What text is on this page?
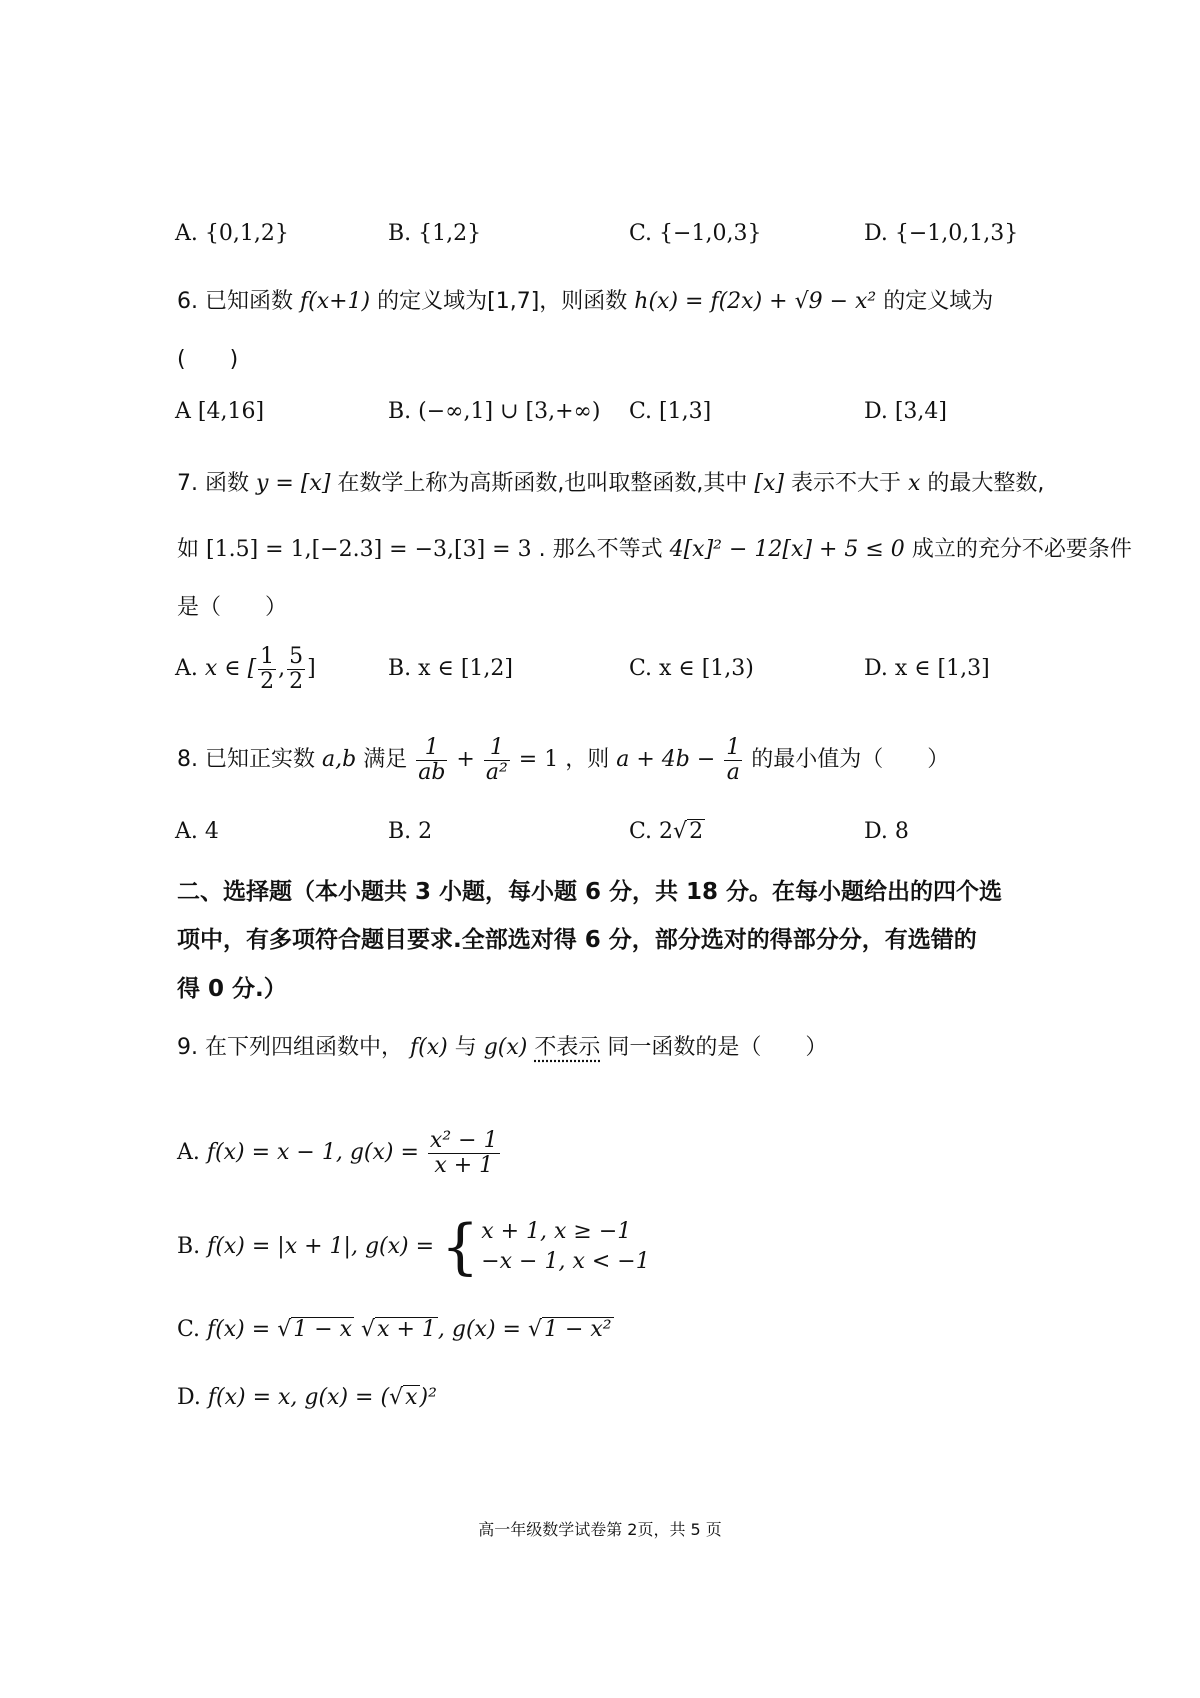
A. {0,1,2}	B. {1,2}	C. {−1,0,3}	D. {−1,0,1,3}
6. 已知函数 f(x+1) 的定义域为[1,7]，则函数 h(x) = f(2x) + √9 − x² 的定义域为
(　　)
A [4,16]	B. (−∞,1] ∪ [3,+∞) C. [1,3]	D. [3,4]
7. 函数 y = [x] 在数学上称为高斯函数,也叫取整函数,其中 [x] 表示不大于 x 的最大整数,
如 [1.5] = 1,[−2.3] = −3,[3] = 3 . 那么不等式 4[x]² − 12[x] + 5 ≤ 0 成立的充分不必要条件
是（　　）
A. x ∈ [ $\frac{1}{2}$ , $\frac{5}{2}$ ]	B. x ∈ [1,2]	C. x ∈ [1,3)	D. x ∈ [1,3]
8. 已知正实数 a,b 满足 $\frac{1}{ab} + \frac{1}{\text{a²}} = 1$ ，则 $a + 4b - \frac{1}{a}$ 的最小值为（　　）
A. 4	B. 2	C. 2√2	D. 8
二、选择题（本小题共 3 小题，每小题 6 分，共 18 分。在每小题给出的四个选
项中，有多项符合题目要求.全部选对得 6 分，部分选对的得部分分，有选错的
得 0 分.）
9. 在下列四组函数中， f(x) 与 g(x) 不表示 同一函数的是（　　）
A. f(x) = x − 1, $g(x) = \frac{\text{x² − 1}}{x + 1}$
B. f(x) = |x + 1|, g(x) = { x + 1, x ≥ −1
−x − 1, x < −1
C. f(x) = √1 − x √x + 1, g(x) = √1 − x²
D. f(x) = x, g(x) = (√x)²
高一年级数学试卷第 2页，共 5 页
